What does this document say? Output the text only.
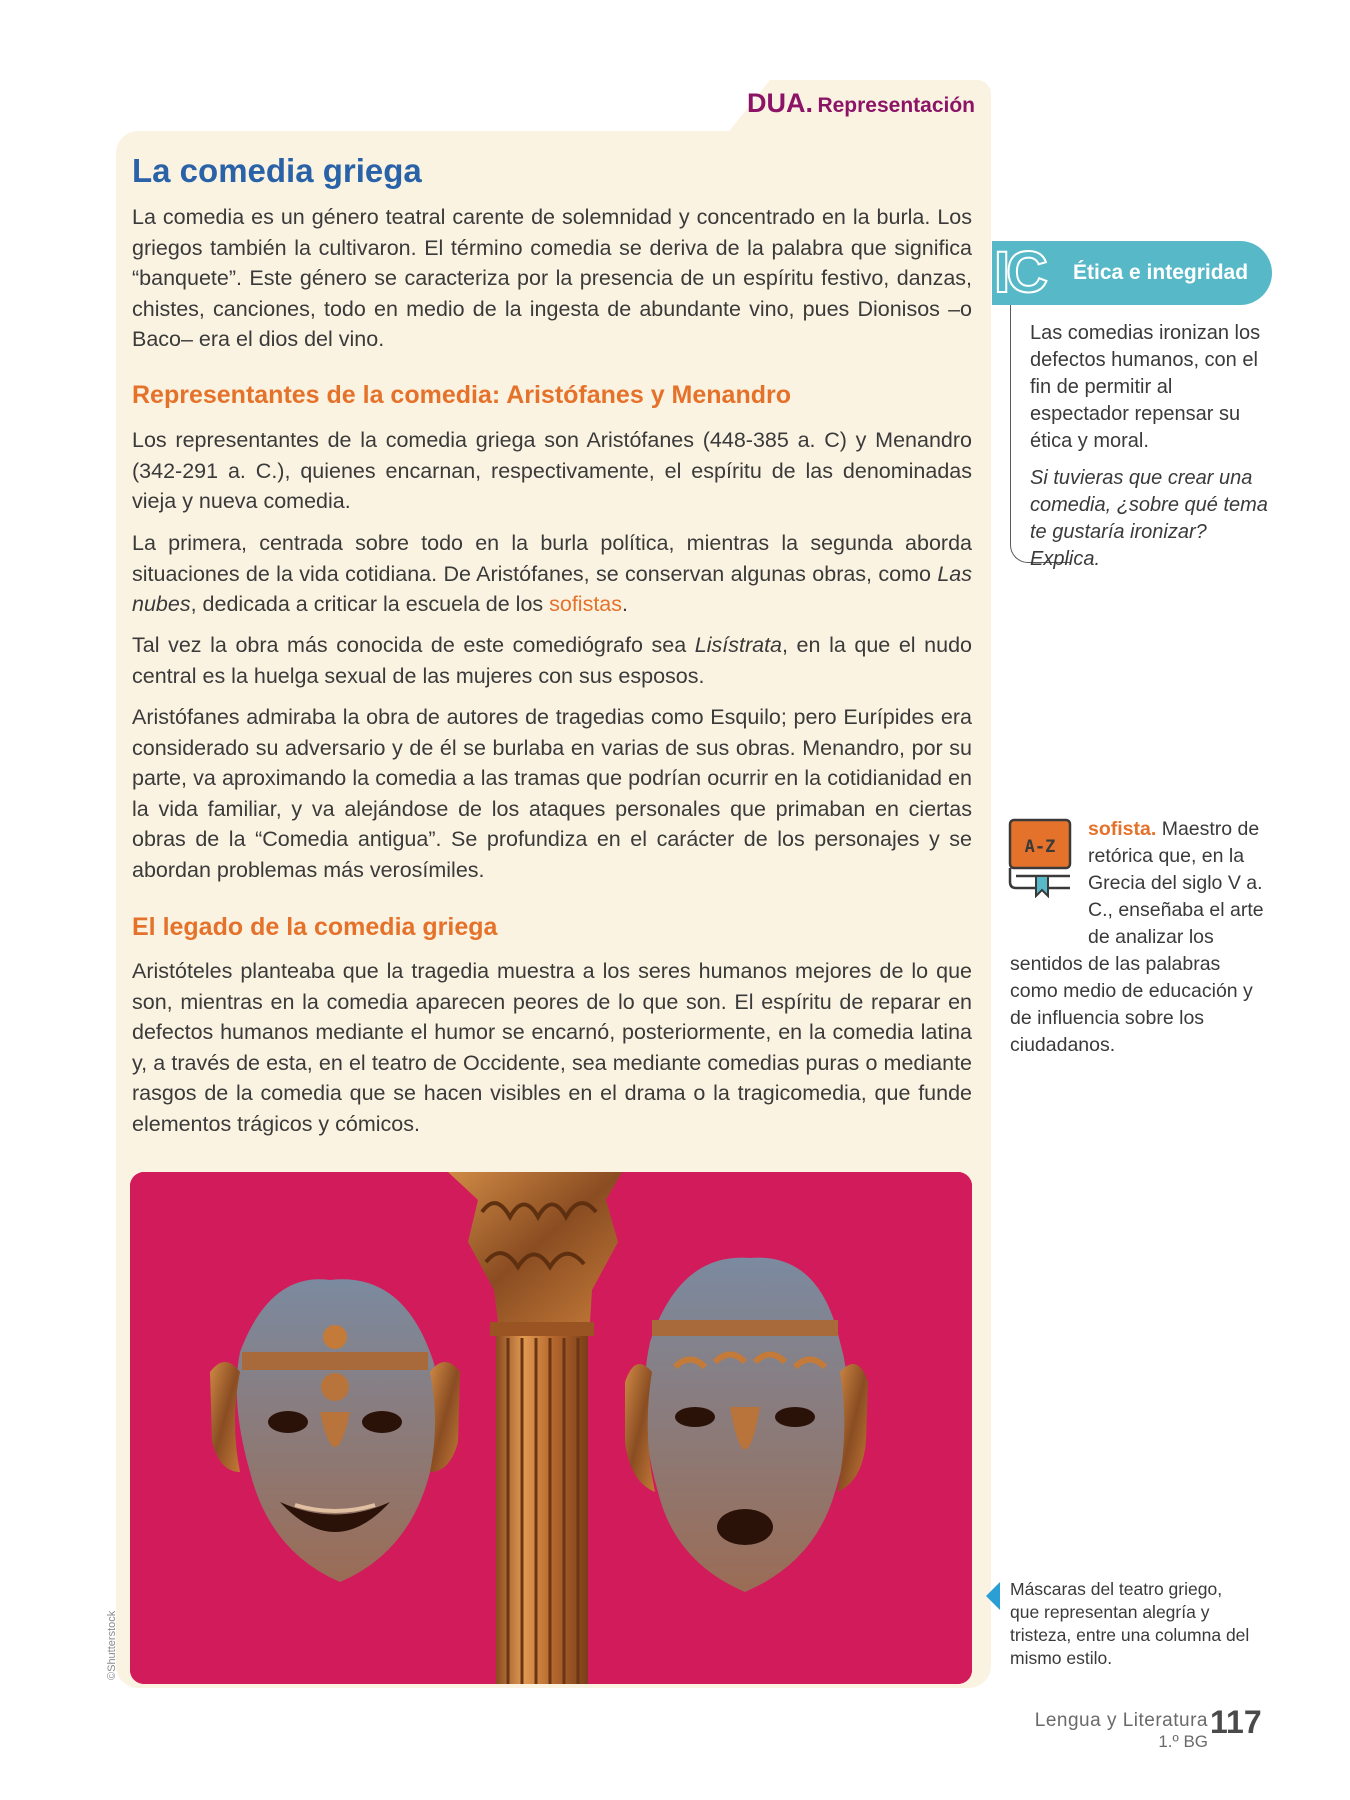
DUA. Representación
La comedia griega

La comedia es un género teatral carente de solemnidad y concentrado en la burla. Los griegos también la cultivaron. El término comedia se deriva de la palabra que significa “banquete”. Este género se caracteriza por la presencia de un espíritu festivo, danzas, chistes, canciones, todo en medio de la ingesta de abundante vino, pues Dionisos –o Baco– era el dios del vino.

Representantes de la comedia: Aristófanes y Menandro

Los representantes de la comedia griega son Aristófanes (448-385 a. C) y Menandro (342-291 a. C.), quienes encarnan, respectivamente, el espíritu de las denominadas vieja y nueva comedia.

La primera, centrada sobre todo en la burla política, mientras la segunda aborda situaciones de la vida cotidiana. De Aristófanes, se conservan algunas obras, como Las nubes, dedicada a criticar la escuela de los sofistas.

Tal vez la obra más conocida de este comediógrafo sea Lisístrata, en la que el nudo central es la huelga sexual de las mujeres con sus esposos.

Aristófanes admiraba la obra de autores de tragedias como Esquilo; pero Eurípides era considerado su adversario y de él se burlaba en varias de sus obras. Menandro, por su parte, va aproximando la comedia a las tramas que podrían ocurrir en la cotidianidad en la vida familiar, y va alejándose de los ataques personales que primaban en ciertas obras de la “Comedia antigua”. Se profundiza en el carácter de los personajes y se abordan problemas más verosímiles.

El legado de la comedia griega

Aristóteles planteaba que la tragedia muestra a los seres humanos mejores de lo que son, mientras en la comedia aparecen peores de lo que son. El espíritu de reparar en defectos humanos mediante el humor se encarnó, posteriormente, en la comedia latina y, a través de esta, en el teatro de Occidente, sea mediante comedias puras o mediante rasgos de la comedia que se hacen visibles en el drama o la tragicomedia, que funde elementos trágicos y cómicos.

©Shutterstock
IC Ética e integridad

Las comedias ironizan los defectos humanos, con el fin de permitir al espectador repensar su ética y moral.

Si tuvieras que crear una comedia, ¿sobre qué tema te gustaría ironizar? Explica.

sofista. Maestro de retórica que, en la Grecia del siglo V a. C., enseñaba el arte de analizar los sentidos de las palabras como medio de educación y de influencia sobre los ciudadanos.
A-Z

Máscaras del teatro griego, que representan alegría y tristeza, entre una columna del mismo estilo.

Lengua y Literatura
1.º BG
117
